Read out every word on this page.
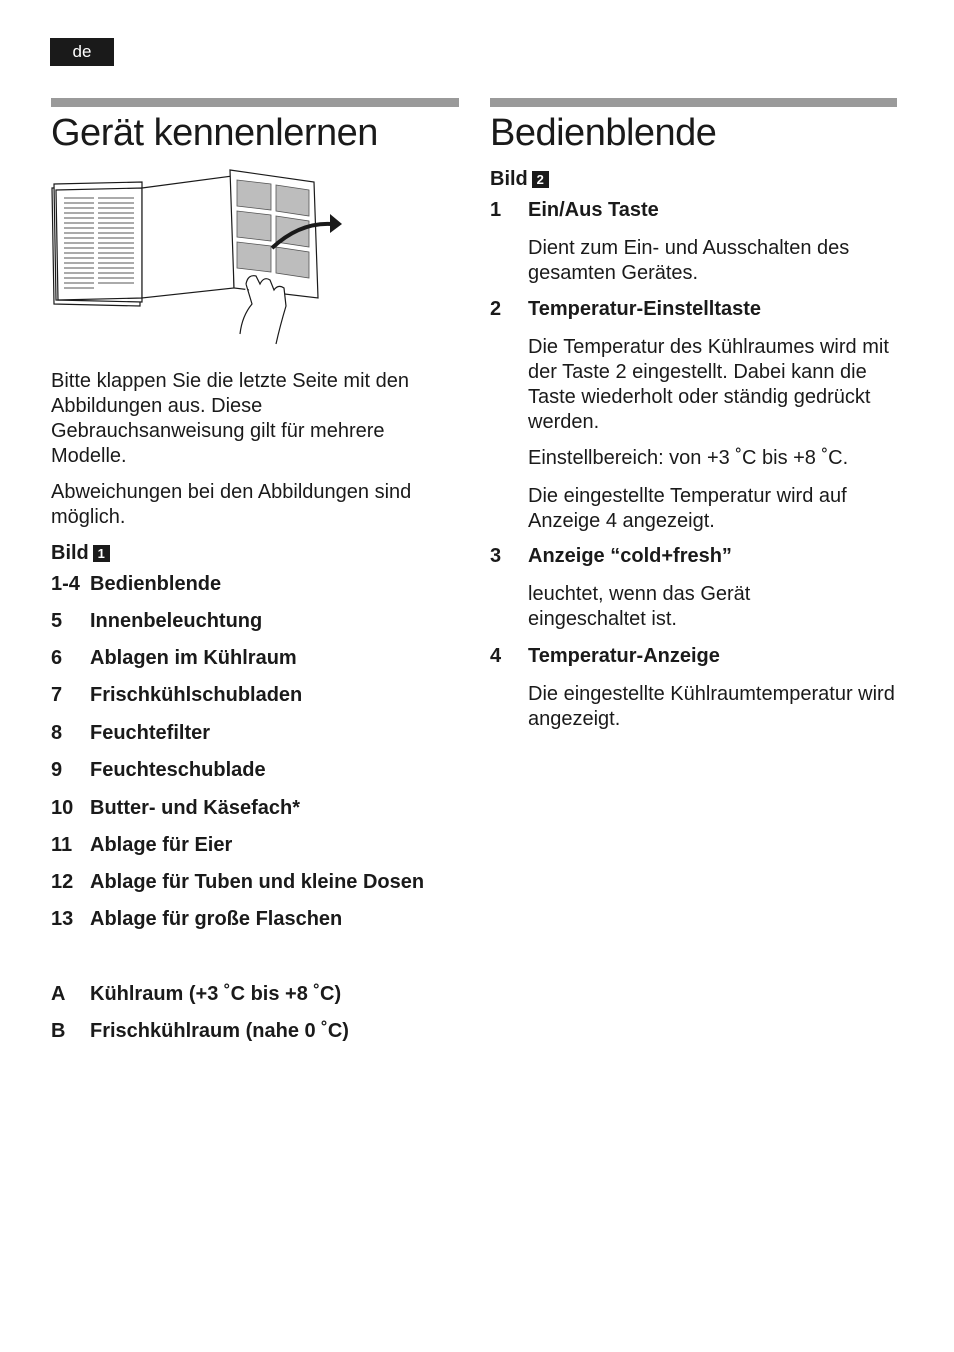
de
Gerät kennenlernen	Bedienblende

Bitte klappen Sie die letzte Seite mit den Abbildungen aus. Diese Gebrauchsanweisung gilt für mehrere Modelle.

Abweichungen bei den Abbildungen sind möglich.

Bild 1
1-4 Bedienblende
5 Innenbeleuchtung
6 Ablagen im Kühlraum
7 Frischkühlschubladen
8 Feuchtefilter
9 Feuchteschublade
10 Butter- und Käsefach*
11 Ablage für Eier
12 Ablage für Tuben und kleine Dosen
13 Ablage für große Flaschen
A Kühlraum (+3 ˚C bis +8 ˚C)
B Frischkühlraum (nahe 0 ˚C)
Bild 2
1 Ein/Aus Taste

Dient zum Ein- und Ausschalten des gesamten Gerätes.

2 Temperatur-Einstelltaste

Die Temperatur des Kühlraumes wird mit der Taste 2 eingestellt. Dabei kann die Taste wiederholt oder ständig gedrückt werden.

Einstellbereich: von +3 ˚C bis +8 ˚C.

Die eingestellte Temperatur wird auf Anzeige 4 angezeigt.

3 Anzeige “cold+fresh”

leuchtet, wenn das Gerät eingeschaltet ist.

4 Temperatur-Anzeige

Die eingestellte Kühlraumtemperatur wird angezeigt.
